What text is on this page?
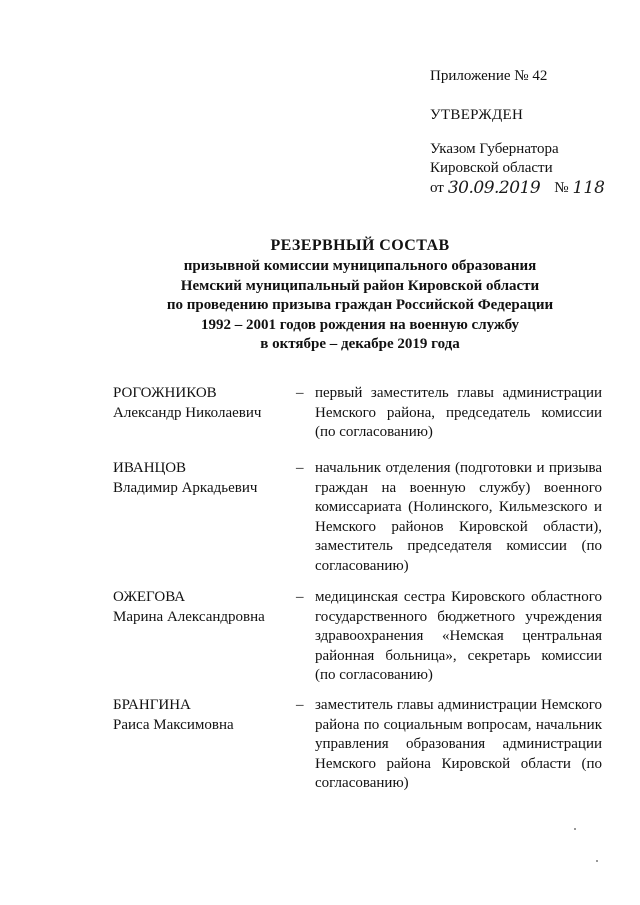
Приложение № 42
УТВЕРЖДЕН
Указом Губернатора
Кировской области
от 30.09.2019 № 118
РЕЗЕРВНЫЙ СОСТАВ
призывной комиссии муниципального образования
Немский муниципальный район Кировской области
по проведению призыва граждан Российской Федерации
1992 – 2001 годов рождения на военную службу
в октябре – декабре 2019 года
РОГОЖНИКОВ
Александр Николаевич
– первый заместитель главы администрации Немского района, председатель комиссии (по согласованию)
ИВАНЦОВ
Владимир Аркадьевич
– начальник отделения (подготовки и призыва граждан на военную службу) военного комиссариата (Нолинского, Кильмезского и Немского районов Кировской области), заместитель председателя комиссии (по согласованию)
ОЖЕГОВА
Марина Александровна
– медицинская сестра Кировского областного государственного бюджетного учреждения здравоохранения «Немская центральная районная больница», секретарь комиссии (по согласованию)
БРАНГИНА
Раиса Максимовна
– заместитель главы администрации Немского района по социальным вопросам, начальник управления образования администрации Немского района Кировской области (по согласованию)
